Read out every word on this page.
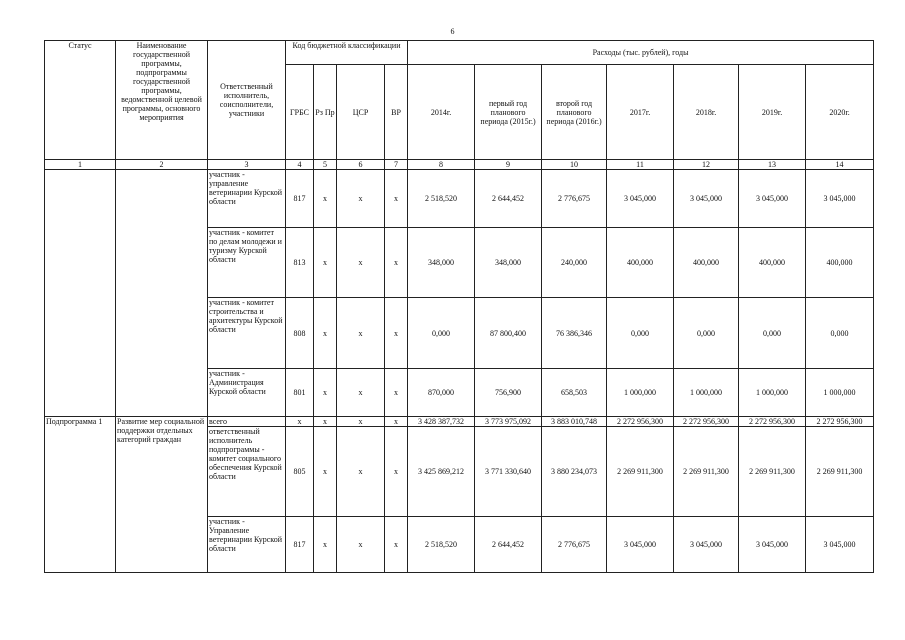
6
Статус	Наименование государственной программы, подпрограммы государственной программы, ведомственной целевой программы, основного мероприятия	Ответственный исполнитель, соисполнители, участники	Код бюджетной классификации				Расходы (тыс. рублей), годы						
			ГРБС	Рз Пр	ЦСР	ВР	2014г.	первый год планового периода (2015г.)	второй год планового периода (2016г.)	2017г.	2018г.	2019г.	2020г.
1	2	3	4	5	6	7	8	9	10	11	12	13	14
		участник - управление ветеринарии Курской области	817	х	х	х	2 518,520	2 644,452	2 776,675	3 045,000	3 045,000	3 045,000	3 045,000
		участник - комитет по делам молодежи и туризму Курской области	813	х	х	х	348,000	348,000	240,000	400,000	400,000	400,000	400,000
		участник - комитет строительства и архитектуры Курской области	808	х	х	х	0,000	87 800,400	76 386,346	0,000	0,000	0,000	0,000
		участник - Администрация Курской области	801	х	х	х	870,000	756,900	658,503	1 000,000	1 000,000	1 000,000	1 000,000
Подпрограмма 1	Развитие мер социальной поддержки отдельных категорий граждан	всего	х	х	х	х	3 428 387,732	3 773 975,092	3 883 010,748	2 272 956,300	2 272 956,300	2 272 956,300	2 272 956,300
		ответственный исполнитель подпрограммы - комитет социального обеспечения Курской области	805	х	х	х	3 425 869,212	3 771 330,640	3 880 234,073	2 269 911,300	2 269 911,300	2 269 911,300	2 269 911,300
		участник - Управление ветеринарии Курской области	817	х	х	х	2 518,520	2 644,452	2 776,675	3 045,000	3 045,000	3 045,000	3 045,000
